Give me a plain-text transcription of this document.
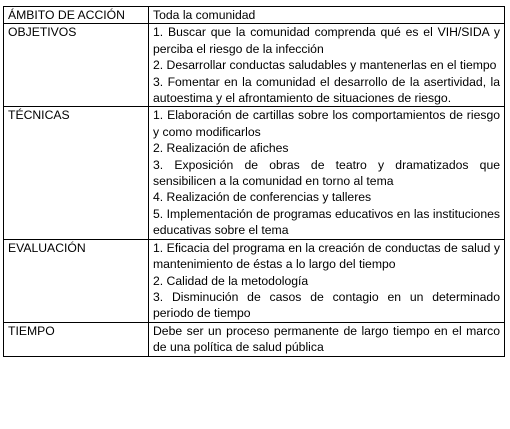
ÁMBITO DE ACCIÓN	Toda la comunidad

OBJETIVOS	1. Buscar que la comunidad comprenda qué es el VIH/SIDA y perciba el riesgo de la infección
2. Desarrollar conductas saludables y mantenerlas en el tiempo
3. Fomentar en la comunidad el desarrollo de la asertividad, la autoestima y el afrontamiento de situaciones de riesgo.

TÉCNICAS	1. Elaboración de cartillas sobre los comportamientos de riesgo y como modificarlos
2. Realización de afiches
3. Exposición de obras de teatro y dramatizados que sensibilicen a la comunidad en torno al tema
4. Realización de conferencias y talleres
5. Implementación de programas educativos en las instituciones educativas sobre el tema

EVALUACIÓN	1. Eficacia del programa en la creación de conductas de salud y mantenimiento de éstas a lo largo del tiempo
2. Calidad de la metodología
3. Disminución de casos de contagio en un determinado periodo de tiempo

TIEMPO	Debe ser un proceso permanente de largo tiempo en el marco de una política de salud pública
